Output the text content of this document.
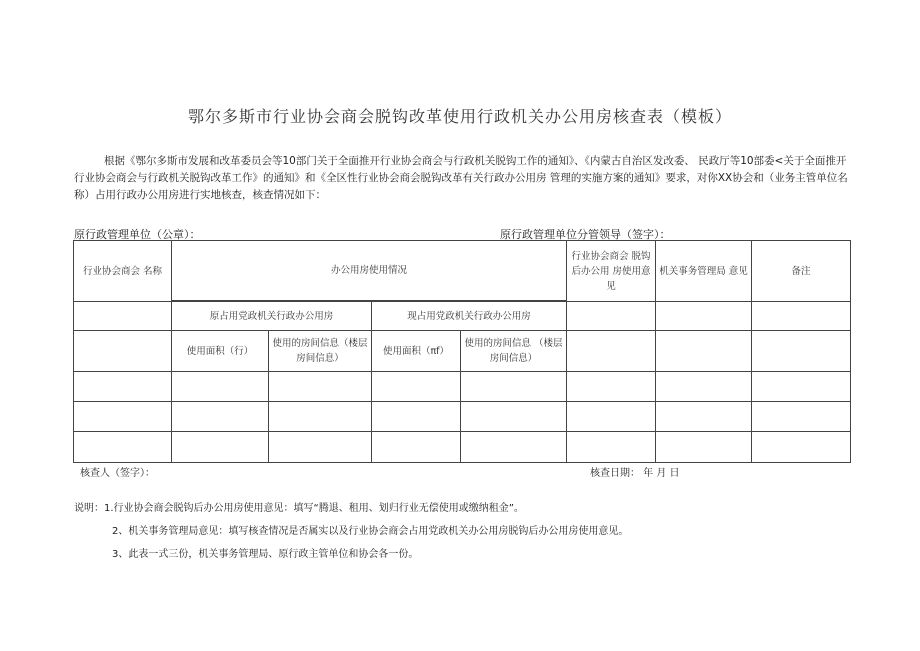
鄂尔多斯市行业协会商会脱钩改革使用行政机关办公用房核查表（模板）
根据《鄂尔多斯市发展和改革委员会等10部门关于全面推开行业协会商会与行政机关脱钩工作的通知》、《内蒙古自治区发改委、 民政厅等10部委<关于全面推开行业协会商会与行政机关脱钩改革工作》的通知》和《全区性行业协会商会脱钩改革有关行政办公用房 管理的实施方案的通知》要求，对你XX协会和（业务主管单位名称）占用行政办公用房进行实地核查，核查情况如下：
原行政管理单位（公章）：	原行政管理单位分管领导（签字）：
行业协会商会 名称	办公用房使用情况				行业协会商会 脱钩后办公用 房使用意见	机关事务管理局 意见	备注

	原占用党政机关行政办公用房		现占用党政机关行政办公用房				
	使用面积（行）	使用的房间信息（楼层房间信息）	使用面积（πf）	使用的房间信息 （楼层房间信息）			

核查人（签字）：	核查日期： 年 月 日
说明：1.行业协会商会脱钩后办公用房使用意见：填写“腾退、租用、划归行业无偿使用或缴纳租金”。
2、机关事务管理局意见：填写核查情况是否属实以及行业协会商会占用党政机关办公用房脱钩后办公用房使用意见。
3、此表一式三份，机关事务管理局、原行政主管单位和协会各一份。
